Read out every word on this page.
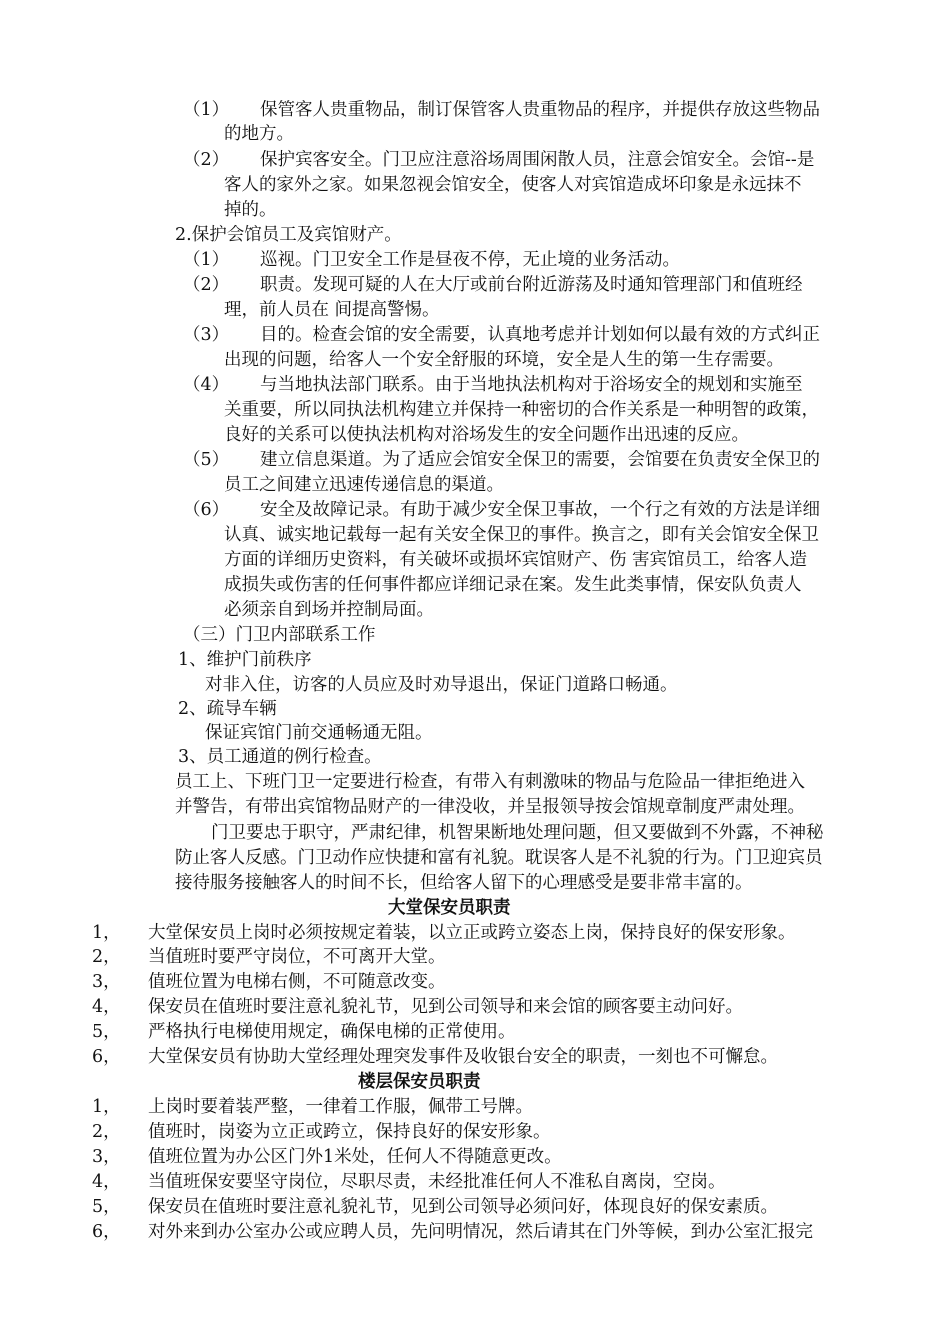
（1） 保管客人贵重物品，制订保管客人贵重物品的程序，并提供存放这些物品
的地方。
（2） 保护宾客安全。门卫应注意浴场周围闲散人员，注意会馆安全。会馆--是
客人的家外之家。如果忽视会馆安全，使客人对宾馆造成坏印象是永远抹不
掉的。
2.保护会馆员工及宾馆财产。
（1） 巡视。门卫安全工作是昼夜不停，无止境的业务活动。
（2） 职责。发现可疑的人在大厅或前台附近游荡及时通知管理部门和值班经
理，前人员在 间提高警惕。
（3） 目的。检查会馆的安全需要，认真地考虑并计划如何以最有效的方式纠正
出现的问题，给客人一个安全舒服的环境，安全是人生的第一生存需要。
（4） 与当地执法部门联系。由于当地执法机构对于浴场安全的规划和实施至
关重要，所以同执法机构建立并保持一种密切的合作关系是一种明智的政策，
良好的关系可以使执法机构对浴场发生的安全问题作出迅速的反应。
（5） 建立信息渠道。为了适应会馆安全保卫的需要，会馆要在负责安全保卫的
员工之间建立迅速传递信息的渠道。
（6） 安全及故障记录。有助于减少安全保卫事故，一个行之有效的方法是详细
认真、诚实地记载每一起有关安全保卫的事件。换言之，即有关会馆安全保卫
方面的详细历史资料，有关破坏或损坏宾馆财产、伤 害宾馆员工，给客人造
成损失或伤害的任何事件都应详细记录在案。发生此类事情，保安队负责人
必须亲自到场并控制局面。
（三）门卫内部联系工作
1、维护门前秩序
对非入住，访客的人员应及时劝导退出，保证门道路口畅通。
2、疏导车辆
保证宾馆门前交通畅通无阻。
3、员工通道的例行检查。
员工上、下班门卫一定要进行检查，有带入有刺激味的物品与危险品一律拒绝进入
并警告，有带出宾馆物品财产的一律没收，并呈报领导按会馆规章制度严肃处理。
门卫要忠于职守，严肃纪律，机智果断地处理问题，但又要做到不外露，不神秘
防止客人反感。门卫动作应快捷和富有礼貌。耽误客人是不礼貌的行为。门卫迎宾员
接待服务接触客人的时间不长，但给客人留下的心理感受是要非常丰富的。
大堂保安员职责
1， 大堂保安员上岗时必须按规定着装，以立正或跨立姿态上岗，保持良好的保安形象。
2， 当值班时要严守岗位，不可离开大堂。
3， 值班位置为电梯右侧，不可随意改变。
4， 保安员在值班时要注意礼貌礼节，见到公司领导和来会馆的顾客要主动问好。
5， 严格执行电梯使用规定，确保电梯的正常使用。
6， 大堂保安员有协助大堂经理处理突发事件及收银台安全的职责，一刻也不可懈怠。
楼层保安员职责
1， 上岗时要着装严整，一律着工作服，佩带工号牌。
2， 值班时，岗姿为立正或跨立，保持良好的保安形象。
3， 值班位置为办公区门外1米处，任何人不得随意更改。
4， 当值班保安要坚守岗位，尽职尽责，未经批准任何人不准私自离岗，空岗。
5， 保安员在值班时要注意礼貌礼节，见到公司领导必须问好，体现良好的保安素质。
6， 对外来到办公室办公或应聘人员，先问明情况，然后请其在门外等候，到办公室汇报完
